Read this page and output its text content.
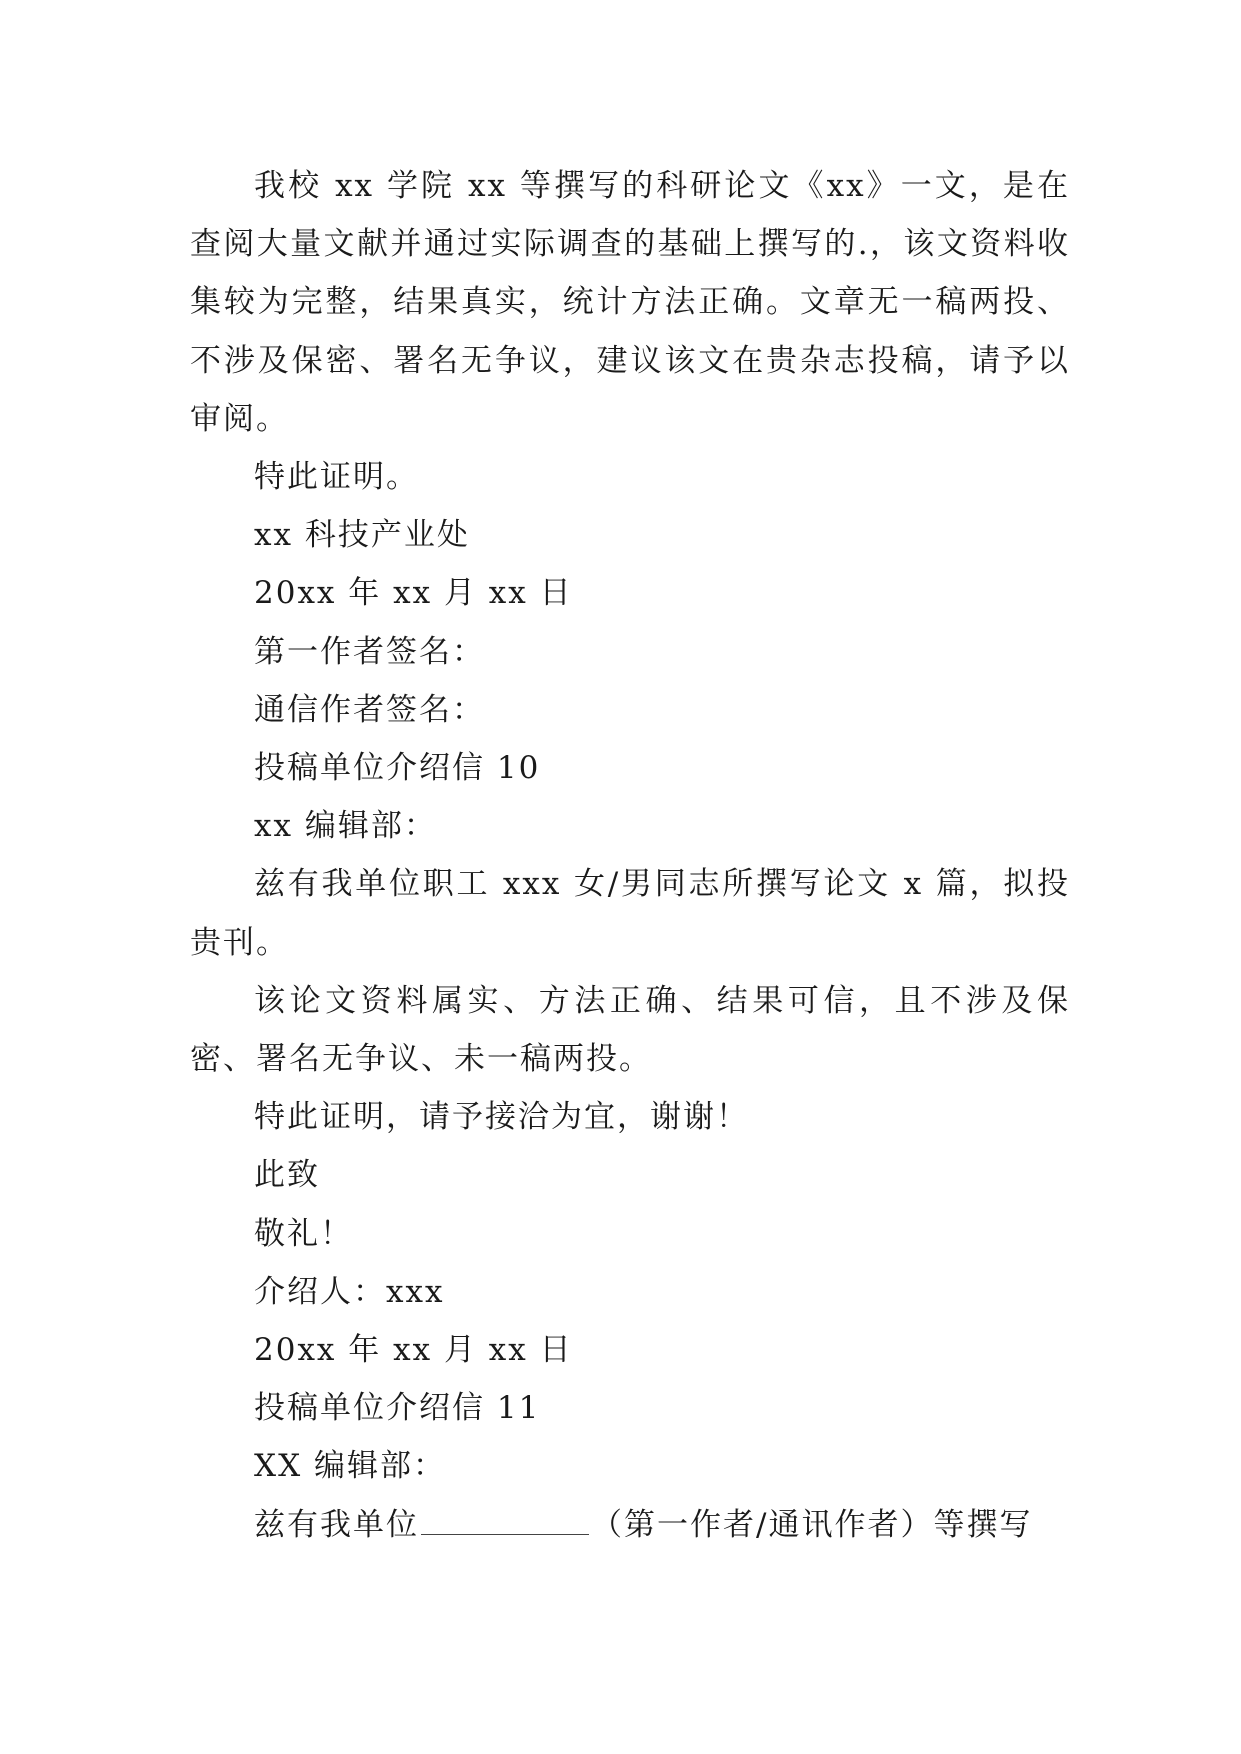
我校 xx 学院 xx 等撰写的科研论文《xx》一文，是在查阅大量文献并通过实际调查的基础上撰写的.，该文资料收集较为完整，结果真实，统计方法正确。文章无一稿两投、不涉及保密、署名无争议，建议该文在贵杂志投稿，请予以审阅。

特此证明。

xx 科技产业处

20xx 年 xx 月 xx 日

第一作者签名：

通信作者签名：

投稿单位介绍信 10

xx 编辑部：

兹有我单位职工 xxx 女/男同志所撰写论文 x 篇，拟投贵刊。

该论文资料属实、方法正确、结果可信，且不涉及保密、署名无争议、未一稿两投。

特此证明，请予接洽为宜，谢谢！

此致

敬礼！

介绍人：xxx

20xx 年 xx 月 xx 日

投稿单位介绍信 11

XX 编辑部：

兹有我单位	（第一作者/通讯作者）等撰写
